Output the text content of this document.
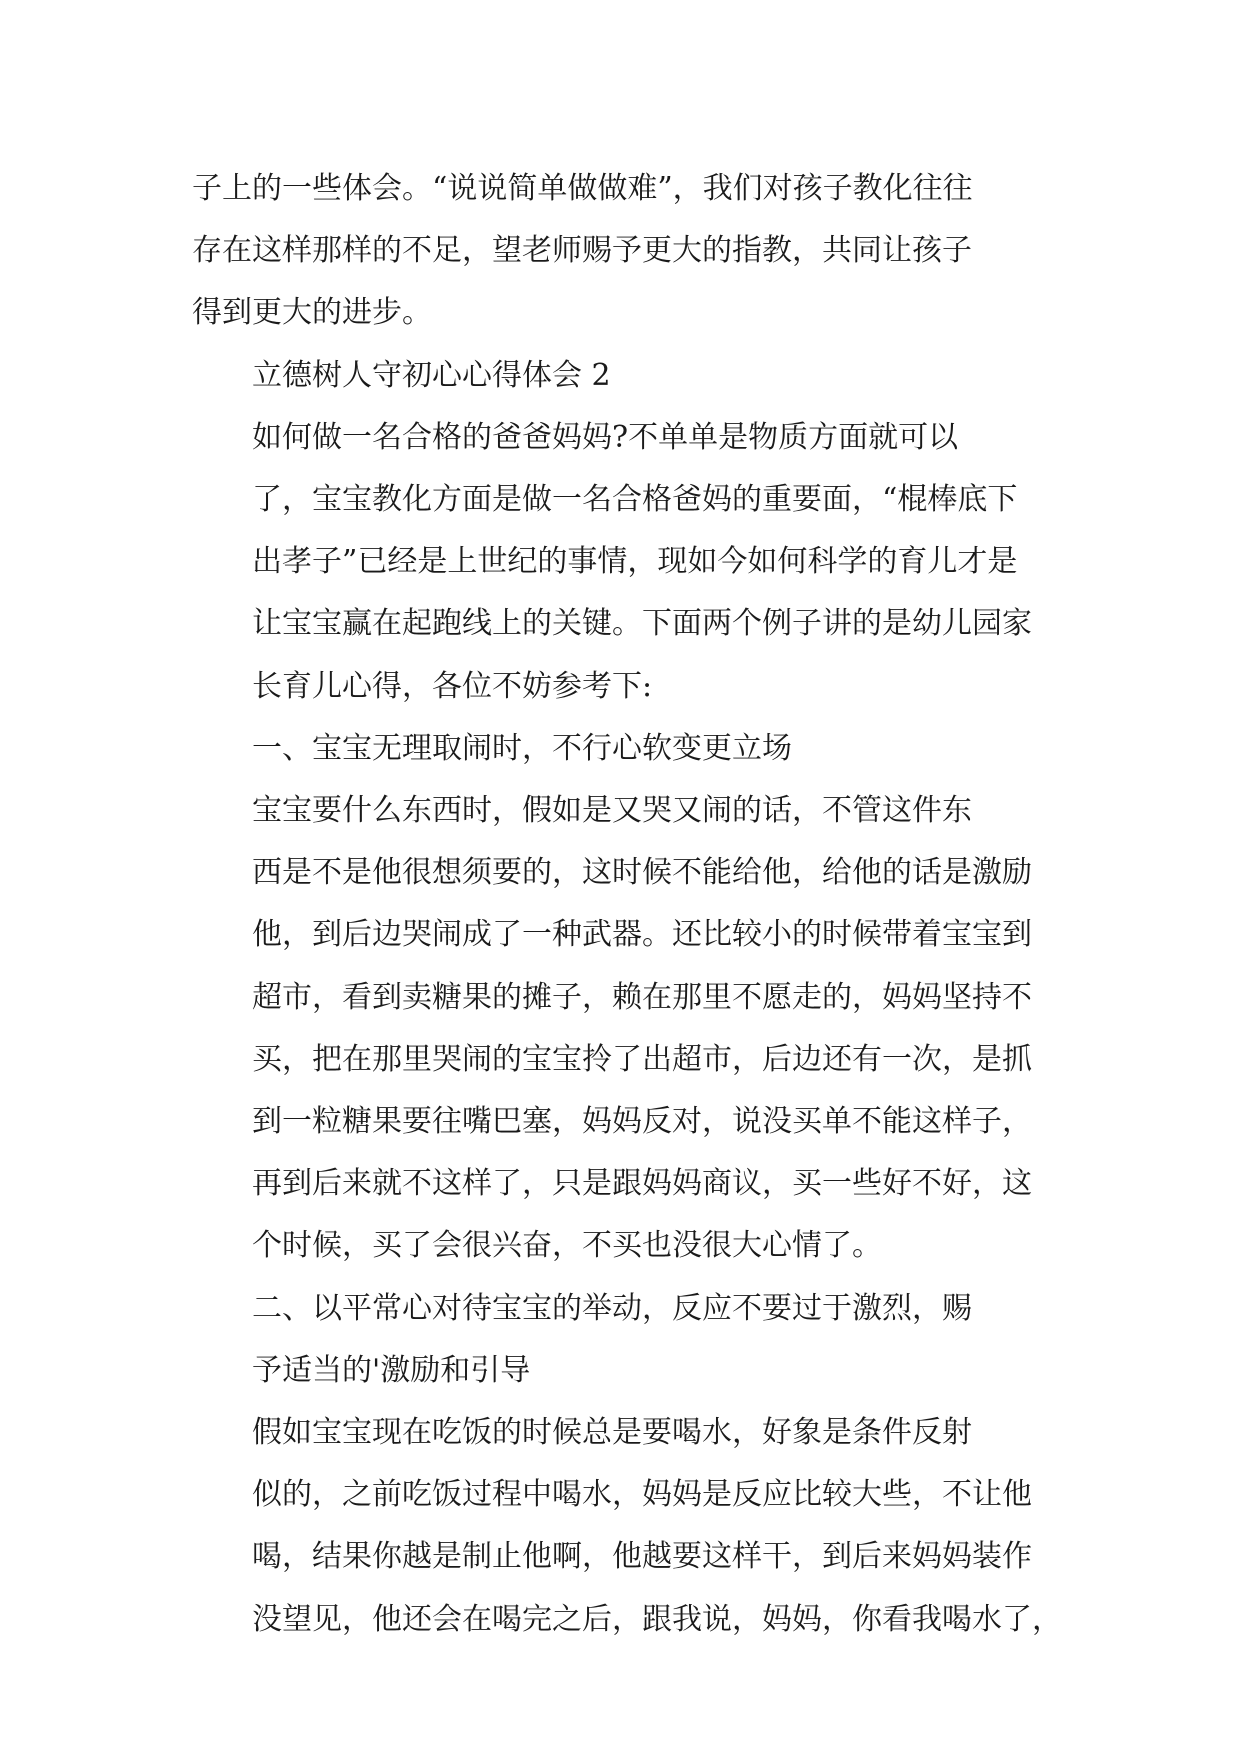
子上的一些体会。“说说简单做做难”，我们对孩子教化往往
存在这样那样的不足，望老师赐予更大的指教，共同让孩子
得到更大的进步。
立德树人守初心心得体会 2
如何做一名合格的爸爸妈妈?不单单是物质方面就可以
了，宝宝教化方面是做一名合格爸妈的重要面，“棍棒底下
出孝子”已经是上世纪的事情，现如今如何科学的育儿才是
让宝宝赢在起跑线上的关键。下面两个例子讲的是幼儿园家
长育儿心得，各位不妨参考下:
一、宝宝无理取闹时，不行心软变更立场
宝宝要什么东西时，假如是又哭又闹的话，不管这件东
西是不是他很想须要的，这时候不能给他，给他的话是激励
他，到后边哭闹成了一种武器。还比较小的时候带着宝宝到
超市，看到卖糖果的摊子，赖在那里不愿走的，妈妈坚持不
买，把在那里哭闹的宝宝拎了出超市，后边还有一次，是抓
到一粒糖果要往嘴巴塞，妈妈反对，说没买单不能这样子，
再到后来就不这样了，只是跟妈妈商议，买一些好不好，这
个时候，买了会很兴奋，不买也没很大心情了。
二、以平常心对待宝宝的举动，反应不要过于激烈，赐
予适当的'激励和引导
假如宝宝现在吃饭的时候总是要喝水，好象是条件反射
似的，之前吃饭过程中喝水，妈妈是反应比较大些，不让他
喝，结果你越是制止他啊，他越要这样干，到后来妈妈装作
没望见，他还会在喝完之后，跟我说，妈妈，你看我喝水了，
